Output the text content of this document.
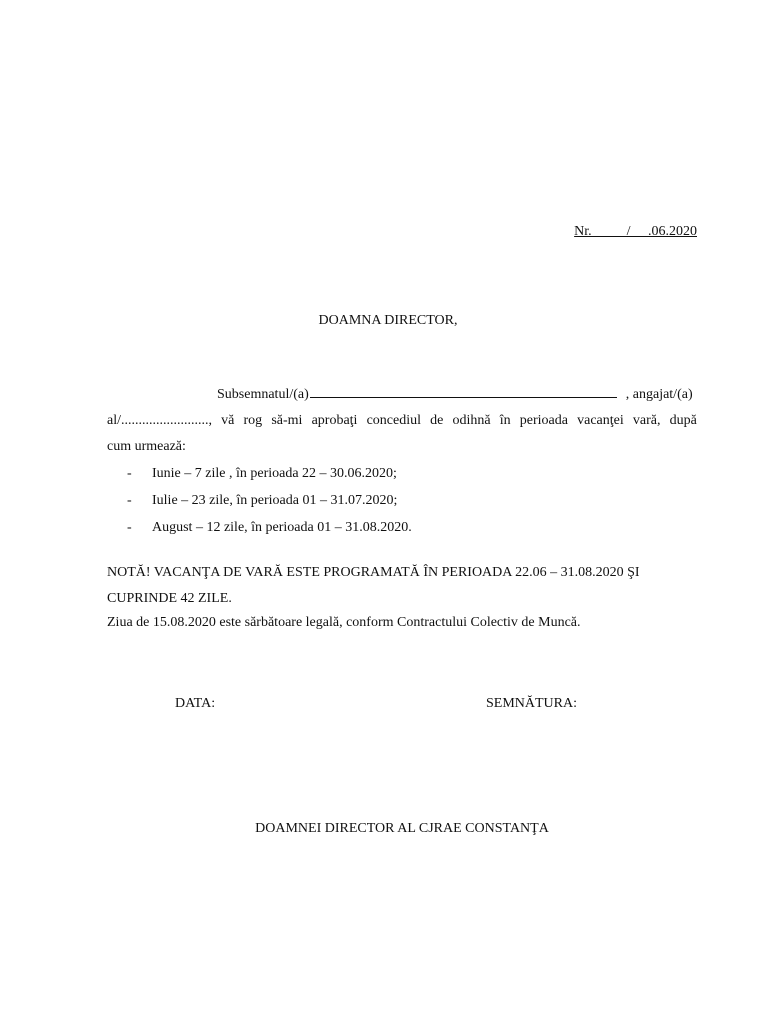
Nr.          /     .06.2020
DOAMNA DIRECTOR,
Subsemnatul/(a)	, angajat/(a)
al/........................., vă rog să-mi aprobaţi concediul de odihnă în perioada vacanţei vară, după
cum urmează:
-	Iunie – 7 zile , în perioada 22 – 30.06.2020;
-	Iulie – 23 zile, în perioada 01 – 31.07.2020;
-	August – 12 zile, în perioada 01 – 31.08.2020.
NOTĂ! VACANŢA DE VARĂ ESTE PROGRAMATĂ ÎN PERIOADA 22.06 – 31.08.2020 ŞI CUPRINDE 42 ZILE.
Ziua de 15.08.2020 este sărbătoare legală, conform Contractului Colectiv de Muncă.
DATA:	SEMNĂTURA:
DOAMNEI DIRECTOR AL CJRAE CONSTANŢA
